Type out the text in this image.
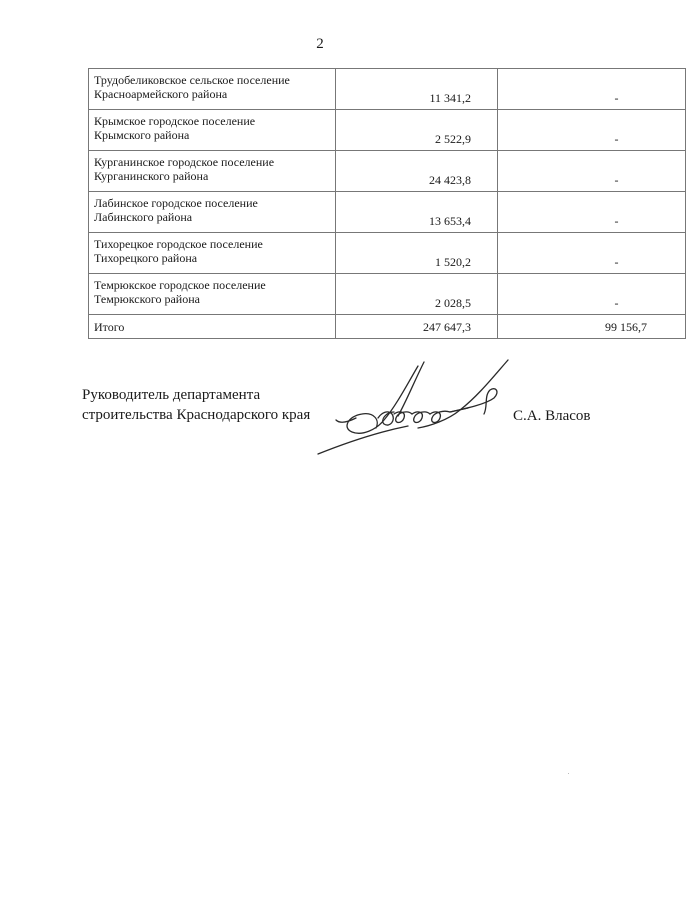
2
Трудобеликовское сельское поселение
Красноармейского района	11 341,2	-

Крымское городское поселение
Крымского района	2 522,9	-

Курганинское городское поселение
Курганинского района	24 423,8	-

Лабинское городское поселение
Лабинского района	13 653,4	-

Тихорецкое городское поселение
Тихорецкого района	1 520,2	-

Темрюкское городское поселение
Темрюкского района	2 028,5	-
Итого	247 647,3	99 156,7
Руководитель департамента
строительства Краснодарского края	С.А. Власов
